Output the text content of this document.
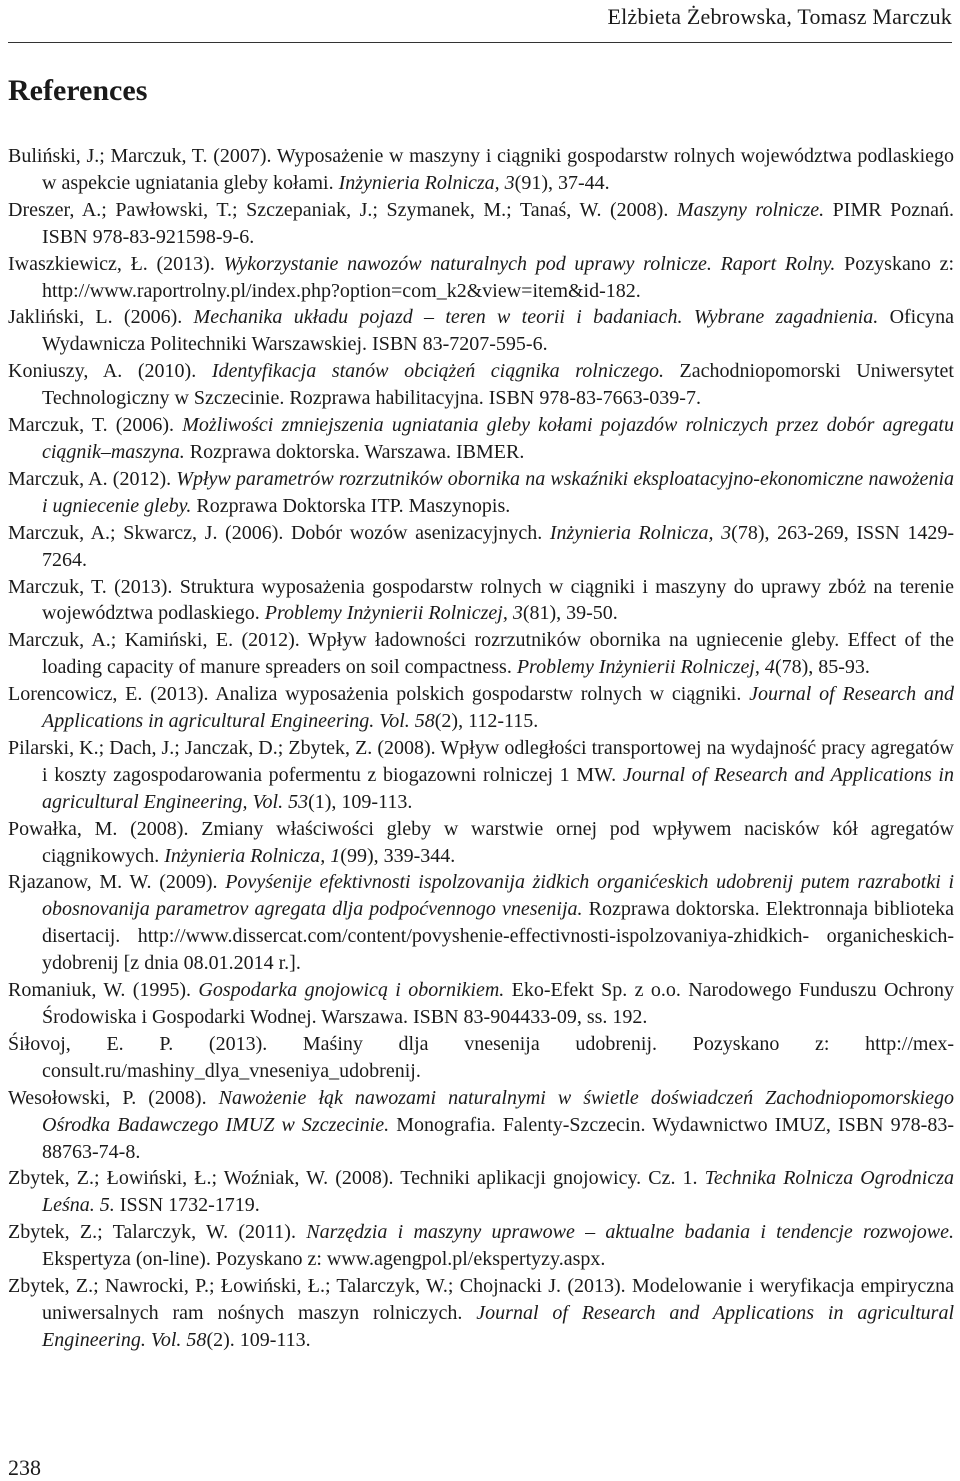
Elżbieta Żebrowska, Tomasz Marczuk
References
Buliński, J.; Marczuk, T. (2007). Wyposażenie w maszyny i ciągniki gospodarstw rolnych województwa podlaskiego w aspekcie ugniatania gleby kołami. Inżynieria Rolnicza, 3(91), 37-44.
Dreszer, A.; Pawłowski, T.; Szczepaniak, J.; Szymanek, M.; Tanaś, W. (2008). Maszyny rolnicze. PIMR Poznań. ISBN 978-83-921598-9-6.
Iwaszkiewicz, Ł. (2013). Wykorzystanie nawozów naturalnych pod uprawy rolnicze. Raport Rolny. Pozyskano z: http://www.raportrolny.pl/index.php?option=com_k2&view=item&id-182.
Jakliński, L. (2006). Mechanika układu pojazd – teren w teorii i badaniach. Wybrane zagadnienia. Oficyna Wydawnicza Politechniki Warszawskiej. ISBN 83-7207-595-6.
Koniuszy, A. (2010). Identyfikacja stanów obciążeń ciągnika rolniczego. Zachodniopomorski Uniwersytet Technologiczny w Szczecinie. Rozprawa habilitacyjna. ISBN 978-83-7663-039-7.
Marczuk, T. (2006). Możliwości zmniejszenia ugniatania gleby kołami pojazdów rolniczych przez dobór agregatu ciągnik–maszyna. Rozprawa doktorska. Warszawa. IBMER.
Marczuk, A. (2012). Wpływ parametrów rozrzutników obornika na wskaźniki eksploatacyjno-ekonomiczne nawożenia i ugniecenie gleby. Rozprawa Doktorska ITP. Maszynopis.
Marczuk, A.; Skwarcz, J. (2006). Dobór wozów asenizacyjnych. Inżynieria Rolnicza, 3(78), 263-269, ISSN 1429-7264.
Marczuk, T. (2013). Struktura wyposażenia gospodarstw rolnych w ciągniki i maszyny do uprawy zbóż na terenie województwa podlaskiego. Problemy Inżynierii Rolniczej, 3(81), 39-50.
Marczuk, A.; Kamiński, E. (2012). Wpływ ładowności rozrzutników obornika na ugniecenie gleby. Effect of the loading capacity of manure spreaders on soil compactness. Problemy Inżynierii Rolniczej, 4(78), 85-93.
Lorencowicz, E. (2013). Analiza wyposażenia polskich gospodarstw rolnych w ciągniki. Journal of Research and Applications in agricultural Engineering. Vol. 58(2), 112-115.
Pilarski, K.; Dach, J.; Janczak, D.; Zbytek, Z. (2008). Wpływ odległości transportowej na wydajność pracy agregatów i koszty zagospodarowania pofermentu z biogazowni rolniczej 1 MW. Journal of Research and Applications in agricultural Engineering, Vol. 53(1), 109-113.
Powałka, M. (2008). Zmiany właściwości gleby w warstwie ornej pod wpływem nacisków kół agregatów ciągnikowych. Inżynieria Rolnicza, 1(99), 339-344.
Rjazanow, M. W. (2009). Povyśenije efektivnosti ispolzovanija żidkich organićeskich udobrenij putem razrabotki i obosnovanija parametrov agregata dlja podpoćvennogo vnesenija. Rozprawa doktorska. Elektronnaja biblioteka disertacij. http://www.dissercat.com/content/povyshenie-effectivnosti-ispolzovaniya-zhidkich- organicheskich-ydobrenij [z dnia 08.01.2014 r.].
Romaniuk, W. (1995). Gospodarka gnojowicą i obornikiem. Eko-Efekt Sp. z o.o. Narodowego Funduszu Ochrony Środowiska i Gospodarki Wodnej. Warszawa. ISBN 83-904433-09, ss. 192.
Śiłovoj, E. P. (2013). Maśiny dlja vnesenija udobrenij. Pozyskano z: http://mex-consult.ru/mashiny_dlya_vneseniya_udobrenij.
Wesołowski, P. (2008). Nawożenie łąk nawozami naturalnymi w świetle doświadczeń Zachodniopomorskiego Ośrodka Badawczego IMUZ w Szczecinie. Monografia. Falenty-Szczecin. Wydawnictwo IMUZ, ISBN 978-83-88763-74-8.
Zbytek, Z.; Łowiński, Ł.; Woźniak, W. (2008). Techniki aplikacji gnojowicy. Cz. 1. Technika Rolnicza Ogrodnicza Leśna. 5. ISSN 1732-1719.
Zbytek, Z.; Talarczyk, W. (2011). Narzędzia i maszyny uprawowe – aktualne badania i tendencje rozwojowe. Ekspertyza (on-line). Pozyskano z: www.agengpol.pl/ekspertyzy.aspx.
Zbytek, Z.; Nawrocki, P.; Łowiński, Ł.; Talarczyk, W.; Chojnacki J. (2013). Modelowanie i weryfikacja empiryczna uniwersalnych ram nośnych maszyn rolniczych. Journal of Research and Applications in agricultural Engineering. Vol. 58(2). 109-113.
238
